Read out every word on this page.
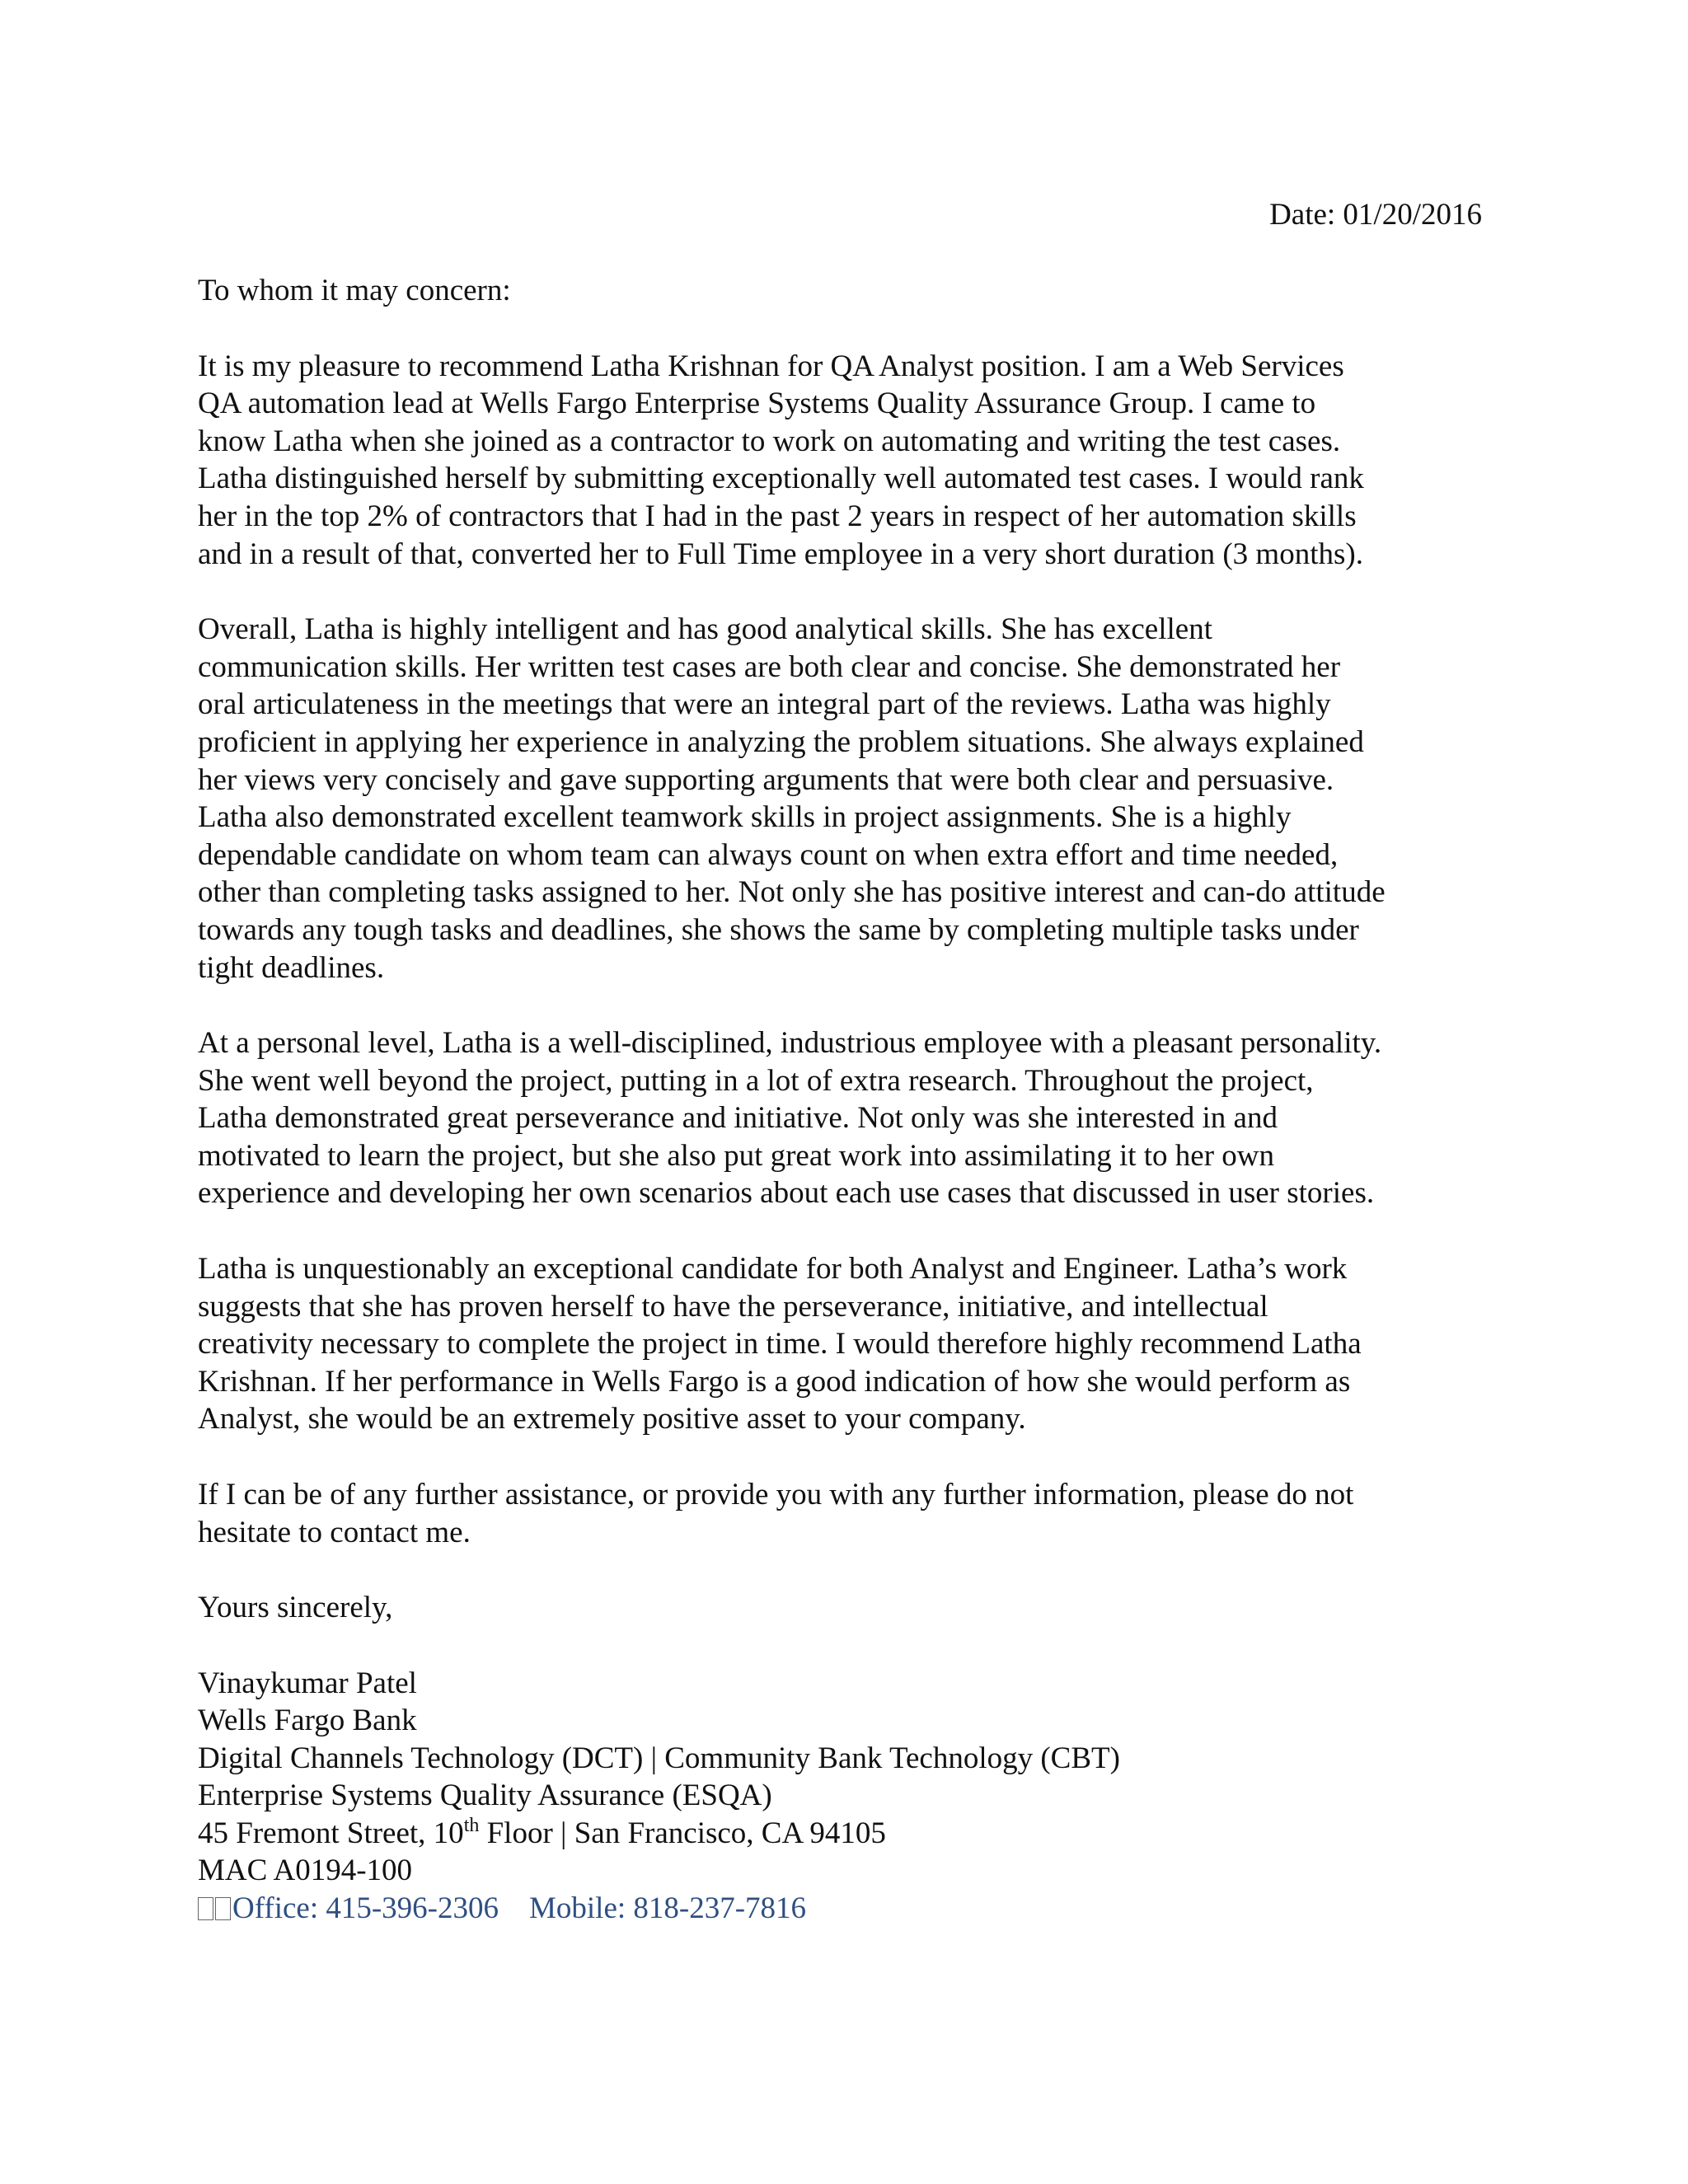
Date: 01/20/2016
To whom it may concern:
It is my pleasure to recommend Latha Krishnan for QA Analyst position. I am a Web Services
QA automation lead at Wells Fargo Enterprise Systems Quality Assurance Group. I came to
know Latha when she joined as a contractor to work on automating and writing the test cases.
Latha distinguished herself by submitting exceptionally well automated test cases. I would rank
her in the top 2% of contractors that I had in the past 2 years in respect of her automation skills
and in a result of that, converted her to Full Time employee in a very short duration (3 months).
Overall, Latha is highly intelligent and has good analytical skills. She has excellent
communication skills. Her written test cases are both clear and concise. She demonstrated her
oral articulateness in the meetings that were an integral part of the reviews. Latha was highly
proficient in applying her experience in analyzing the problem situations. She always explained
her views very concisely and gave supporting arguments that were both clear and persuasive.
Latha also demonstrated excellent teamwork skills in project assignments. She is a highly
dependable candidate on whom team can always count on when extra effort and time needed,
other than completing tasks assigned to her. Not only she has positive interest and can-do attitude
towards any tough tasks and deadlines, she shows the same by completing multiple tasks under
tight deadlines.
At a personal level, Latha is a well-disciplined, industrious employee with a pleasant personality.
She went well beyond the project, putting in a lot of extra research. Throughout the project,
Latha demonstrated great perseverance and initiative. Not only was she interested in and
motivated to learn the project, but she also put great work into assimilating it to her own
experience and developing her own scenarios about each use cases that discussed in user stories.
Latha is unquestionably an exceptional candidate for both Analyst and Engineer. Latha’s work
suggests that she has proven herself to have the perseverance, initiative, and intellectual
creativity necessary to complete the project in time. I would therefore highly recommend Latha
Krishnan. If her performance in Wells Fargo is a good indication of how she would perform as
Analyst, she would be an extremely positive asset to your company.
If I can be of any further assistance, or provide you with any further information, please do not
hesitate to contact me.
Yours sincerely,
Vinaykumar Patel
Wells Fargo Bank
Digital Channels Technology (DCT) | Community Bank Technology (CBT)
Enterprise Systems Quality Assurance (ESQA)
45 Fremont Street, 10th Floor | San Francisco, CA 94105
MAC A0194-100
Office: 415-396-2306    Mobile: 818-237-7816
